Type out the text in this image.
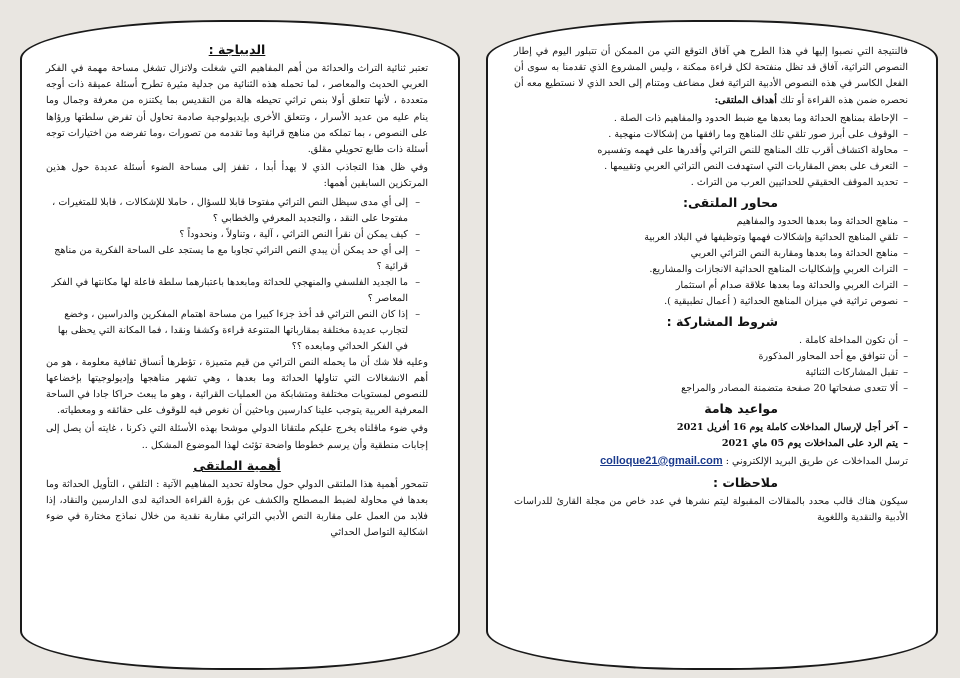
الديباجة :

تعتبر ثنائية التراث والحداثة من أهم المفاهيم التي شغلت ولاتزال تشغل مساحة مهمة في الفكر العربي الحديث والمعاصر ، لما تحمله هذه الثنائية من جدلية مثيرة تطرح أسئلة عميقة ذات أوجه متعددة ، لأنها تتعلق أولا بنص تراثي تحيطه هالة من التقديس بما يكتنزه من معرفة وجمال وما ينام عليه من عديد الأسرار ، وتتعلق الأخرى بإيديولوجية صادمة تحاول أن تفرض سلطتها ورؤاها على النصوص ، بما تملكه من مناهج قرائية وما تقدمه من تصورات ،وما تفرضه من اختيارات توجه أسئلة ذات طابع تحويلي مقلق.

وفي ظل هذا التجاذب الذي لا يهدأ أبدا ، تقفز إلى مساحة الضوء أسئلة عديدة حول هذين المرتكزين السابقين أهمها:

– إلى أي مدى سيظل النص التراثي مفتوحا قابلا للسؤال ، حاملا للإشكالات ، قابلا للمتغيرات ، مفتوحا على النقد ، والتجديد المعرفي والخطابي ؟
– كيف يمكن أن نقرأ النص التراثي ، آلية ، وتناولاً ، ونحدوداً ؟
– إلى أي حد يمكن أن يبدي النص التراثي تجاوبا مع ما يستجد على الساحة الفكرية من مناهج قرائية ؟
– ما الجديد الفلسفي والمنهجي للحداثة ومابعدها باعتبارهما سلطة فاعلة لها مكانتها في الفكر المعاصر ؟
– إذا كان النص التراثي قد أخذ جزءا كبيرا من مساحة اهتمام المفكرين والدراسين ، وخضع لتجارب عديدة مختلفة بمقارباتها المتنوعة قراءة وكشفا ونقدا ، فما المكانة التي يحظى بها في الفكر الحداثي ومابعده ؟؟

وعليه فلا شك أن ما يحمله النص التراثي من قيم متميزة ، تؤطرها أنساق ثقافية معلومة ، هو من أهم الانشغالات التي تناولها الحداثة وما بعدها ، وهي تشهر مناهجها وإديولوجيتها بإخضاعها للنصوص لمستويات مختلفة ومتشابكة من العمليات القرائية ، وهو ما يبعث حراكا جادا في الساحة المعرفية العربية يتوجب علينا كدارسين وباحثين أن نغوص فيه للوقوف على حقائقه و ومعطياته.

وفي ضوء ماقلناه يخرج عليكم ملتقانا الدولي موشحا بهذه الأسئلة التي ذكرنا ، غايته أن يصل إلى إجابات منطقية وأن يرسم خطوطا واضحة تؤثث لهذا الموضوع المشكل ..

أهمية الملتقى

تتمحور أهمية هذا الملتقى الدولي حول محاولة تحديد المفاهيم الآتية : التلقي ، التأويل الحداثة وما بعدها في محاولة لضبط المصطلح والكشف عن بؤرة القراءة الحداثية لدى الدارسين والنقاد، إذا فلابد من العمل على مقاربة النص الأدبي التراثي مقاربة نقدية من خلال نماذج مختارة في ضوء اشكالية التواصل الحداثي

فالنتيجة التي نصبوا إليها في هذا الطرح هي آفاق التوقع التي من الممكن أن تتبلور اليوم في إطار النصوص التراثية، آفاق قد تظل منفتحة لكل قراءة ممكنة ، وليس المشروع الذي تقدمنا به سوى أن الفعل الكاسر في هذه النصوص الأدبية التراثية فعل مضاعف ومتنام إلى الحد الذي لا نستطيع معه أن نحصره ضمن هذه القراءة أو تلك أهداف الملتقى:

– الإحاطة بمناهج الحداثة وما بعدها مع ضبط الحدود والمفاهيم ذات الصلة .
– الوقوف على أبرز صور تلقي تلك المناهج وما رافقها من إشكالات منهجية .
– محاولة اكتشاف أقرب تلك المناهج للنص التراثي وأقدرها على فهمه وتفسيره
– التعرف على بعض المقاربات التي استهدفت النص التراثي العربي وتقييمها .
– تحديد الموقف الحقيقي للحداثيين العرب من التراث .
محاور الملتقى:
– مناهج الحداثة وما بعدها الحدود والمفاهيم
– تلقي المناهج الحداثية وإشكالات فهمها وتوظيفها في البلاد العربية
– مناهج الحداثة وما بعدها ومقاربة النص التراثي العربي
– التراث العربي وإشكاليات المناهج الحداثية الانجازات والمشاريع.
– التراث العربي والحداثة وما بعدها علاقة صدام أم استثمار
– نصوص تراثية في ميزان المناهج الحداثية ( أعمال تطبيقية ).
شروط المشاركة :
– أن تكون المداخلة كاملة .
– أن تتوافق مع أحد المحاور المذكورة
– تقبل المشاركات الثنائية
– ألا تتعدى صفحاتها 20 صفحة متضمنة المصادر والمراجع
مواعيد هامة
– آخر أجل لإرسال المداخلات كاملة يوم 16 أفريل 2021
– يتم الرد على المداخلات يوم 05 ماي 2021
ترسل المداخلات عن طريق البريد الإلكتروني : colloque21@gmail.com
ملاحظات :

سيكون هناك قالب محدد بالمقالات المقبولة ليتم نشرها في عدد خاص من مجلة القارئ للدراسات الأدبية والنقدية واللغوية
